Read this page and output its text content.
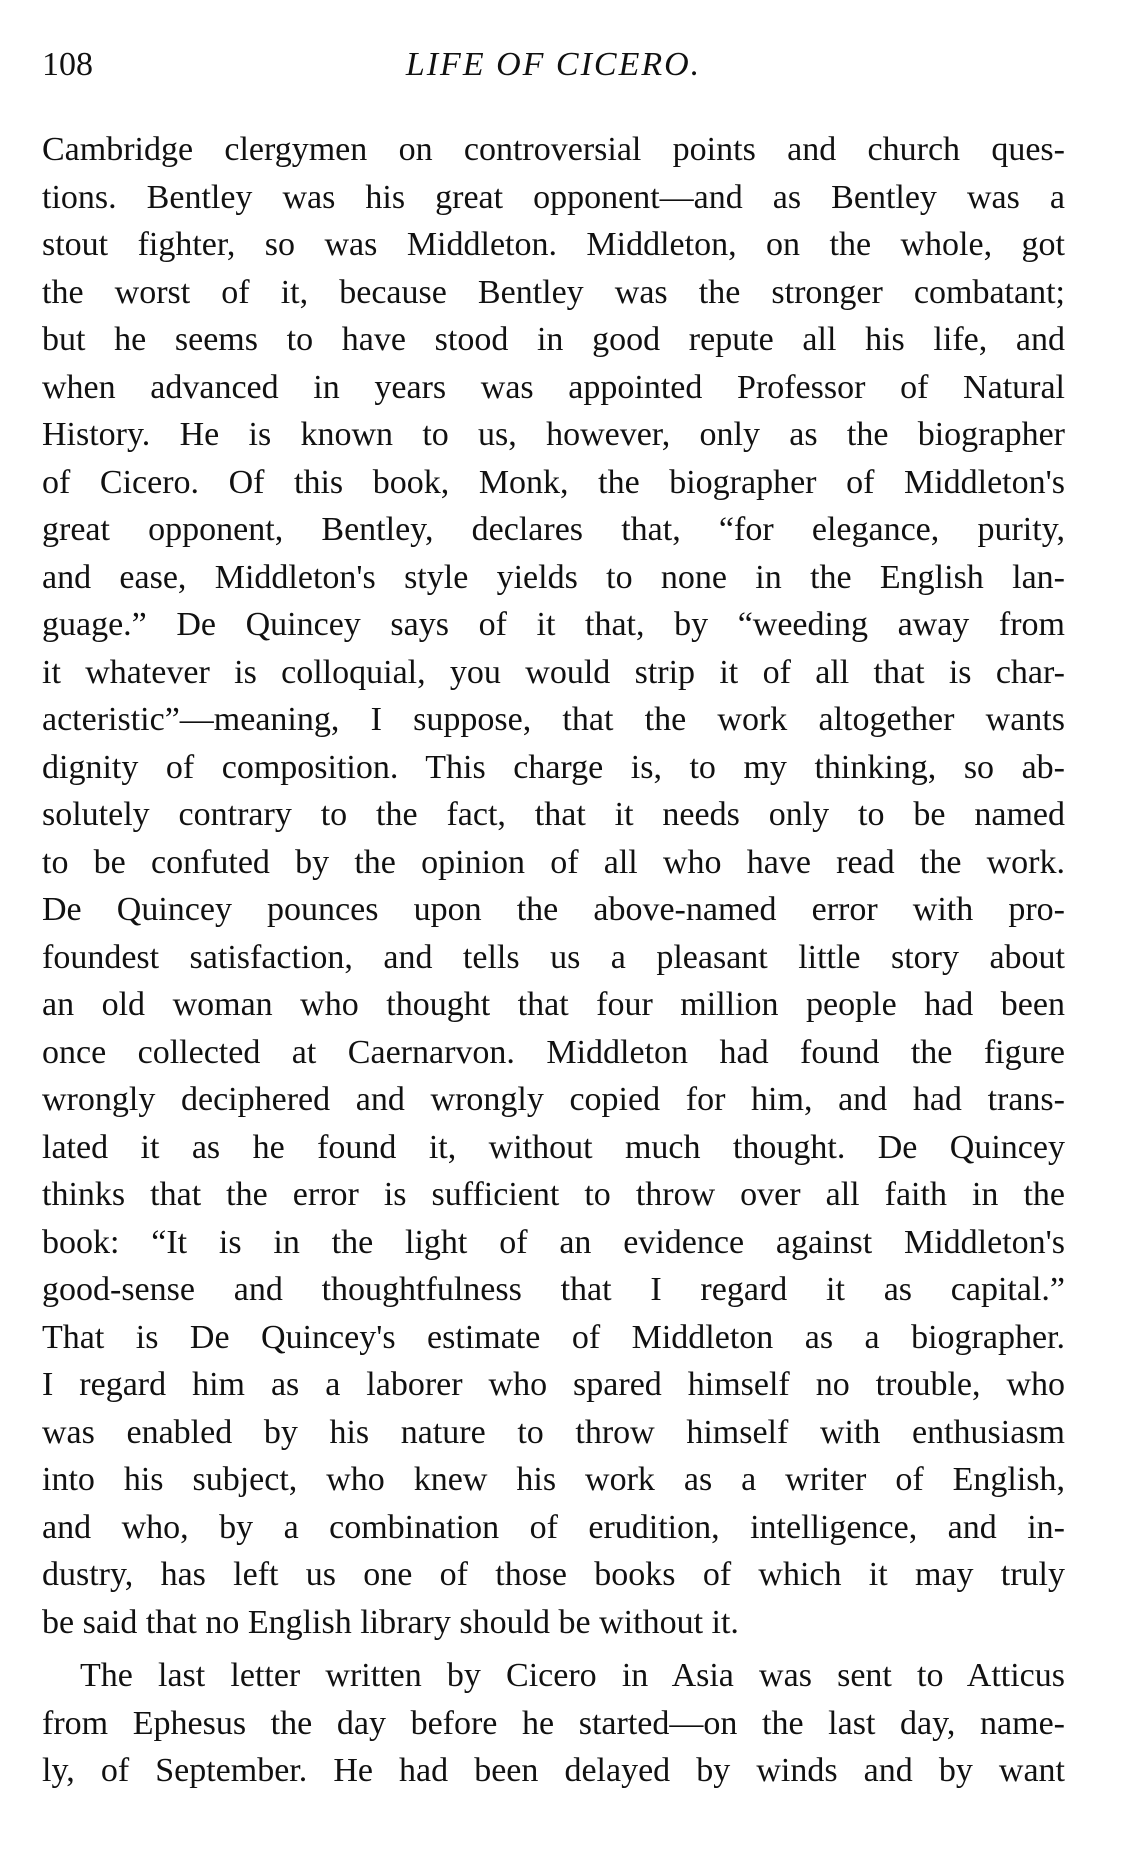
108	LIFE OF CICERO.
Cambridge clergymen on controversial points and church ques-
tions. Bentley was his great opponent—and as Bentley was a
stout fighter, so was Middleton. Middleton, on the whole, got
the worst of it, because Bentley was the stronger combatant;
but he seems to have stood in good repute all his life, and
when advanced in years was appointed Professor of Natural
History. He is known to us, however, only as the biographer
of Cicero. Of this book, Monk, the biographer of Middleton's
great opponent, Bentley, declares that, “for elegance, purity,
and ease, Middleton's style yields to none in the English lan-
guage.” De Quincey says of it that, by “weeding away from
it whatever is colloquial, you would strip it of all that is char-
acteristic”—meaning, I suppose, that the work altogether wants
dignity of composition. This charge is, to my thinking, so ab-
solutely contrary to the fact, that it needs only to be named
to be confuted by the opinion of all who have read the work.
De Quincey pounces upon the above-named error with pro-
foundest satisfaction, and tells us a pleasant little story about
an old woman who thought that four million people had been
once collected at Caernarvon. Middleton had found the figure
wrongly deciphered and wrongly copied for him, and had trans-
lated it as he found it, without much thought. De Quincey
thinks that the error is sufficient to throw over all faith in the
book: “It is in the light of an evidence against Middleton's
good-sense and thoughtfulness that I regard it as capital.”
That is De Quincey's estimate of Middleton as a biographer.
I regard him as a laborer who spared himself no trouble, who
was enabled by his nature to throw himself with enthusiasm
into his subject, who knew his work as a writer of English,
and who, by a combination of erudition, intelligence, and in-
dustry, has left us one of those books of which it may truly
be said that no English library should be without it.
The last letter written by Cicero in Asia was sent to Atticus
from Ephesus the day before he started—on the last day, name-
ly, of September. He had been delayed by winds and by want
